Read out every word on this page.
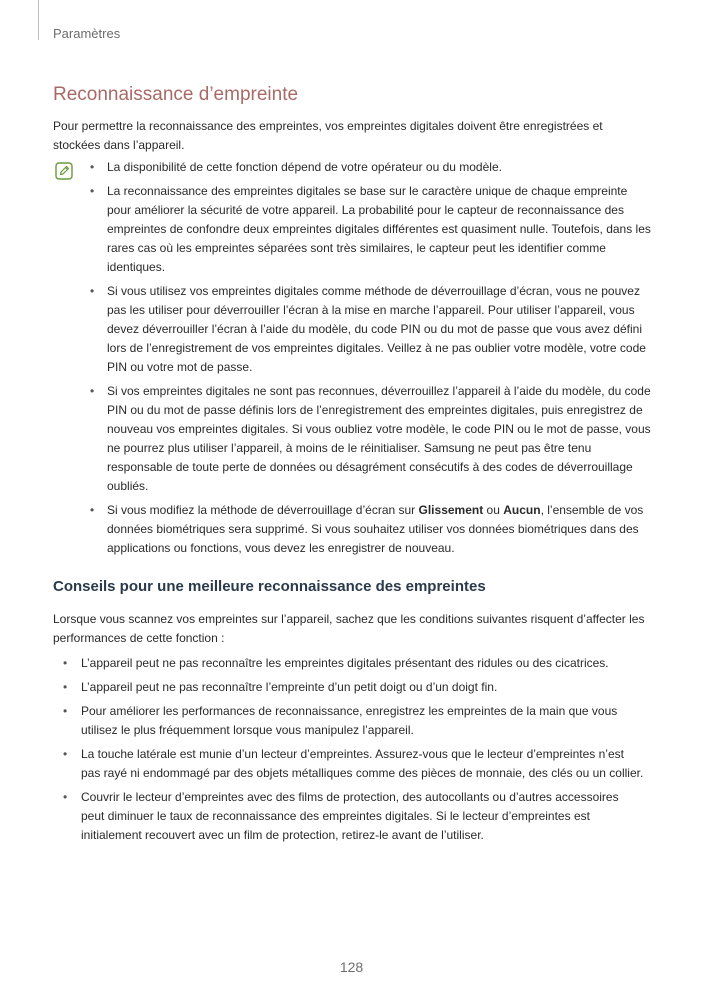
Paramètres
Reconnaissance d’empreinte

Pour permettre la reconnaissance des empreintes, vos empreintes digitales doivent être enregistrées et stockées dans l’appareil.

• La disponibilité de cette fonction dépend de votre opérateur ou du modèle.
• La reconnaissance des empreintes digitales se base sur le caractère unique de chaque empreinte pour améliorer la sécurité de votre appareil. La probabilité pour le capteur de reconnaissance des empreintes de confondre deux empreintes digitales différentes est quasiment nulle. Toutefois, dans les rares cas où les empreintes séparées sont très similaires, le capteur peut les identifier comme identiques.
• Si vous utilisez vos empreintes digitales comme méthode de déverrouillage d’écran, vous ne pouvez pas les utiliser pour déverrouiller l’écran à la mise en marche l’appareil. Pour utiliser l’appareil, vous devez déverrouiller l’écran à l’aide du modèle, du code PIN ou du mot de passe que vous avez défini lors de l’enregistrement de vos empreintes digitales. Veillez à ne pas oublier votre modèle, votre code PIN ou votre mot de passe.
• Si vos empreintes digitales ne sont pas reconnues, déverrouillez l’appareil à l’aide du modèle, du code PIN ou du mot de passe définis lors de l’enregistrement des empreintes digitales, puis enregistrez de nouveau vos empreintes digitales. Si vous oubliez votre modèle, le code PIN ou le mot de passe, vous ne pourrez plus utiliser l’appareil, à moins de le réinitialiser. Samsung ne peut pas être tenu responsable de toute perte de données ou désagrément consécutifs à des codes de déverrouillage oubliés.
• Si vous modifiez la méthode de déverrouillage d’écran sur Glissement ou Aucun, l’ensemble de vos données biométriques sera supprimé. Si vous souhaitez utiliser vos données biométriques dans des applications ou fonctions, vous devez les enregistrer de nouveau.
Conseils pour une meilleure reconnaissance des empreintes

Lorsque vous scannez vos empreintes sur l’appareil, sachez que les conditions suivantes risquent d’affecter les performances de cette fonction :

• L’appareil peut ne pas reconnaître les empreintes digitales présentant des ridules ou des cicatrices.
• L’appareil peut ne pas reconnaître l’empreinte d’un petit doigt ou d’un doigt fin.
• Pour améliorer les performances de reconnaissance, enregistrez les empreintes de la main que vous utilisez le plus fréquemment lorsque vous manipulez l’appareil.
• La touche latérale est munie d’un lecteur d’empreintes. Assurez-vous que le lecteur d’empreintes n’est pas rayé ni endommagé par des objets métalliques comme des pièces de monnaie, des clés ou un collier.
• Couvrir le lecteur d’empreintes avec des films de protection, des autocollants ou d’autres accessoires peut diminuer le taux de reconnaissance des empreintes digitales. Si le lecteur d’empreintes est initialement recouvert avec un film de protection, retirez-le avant de l’utiliser.
128
